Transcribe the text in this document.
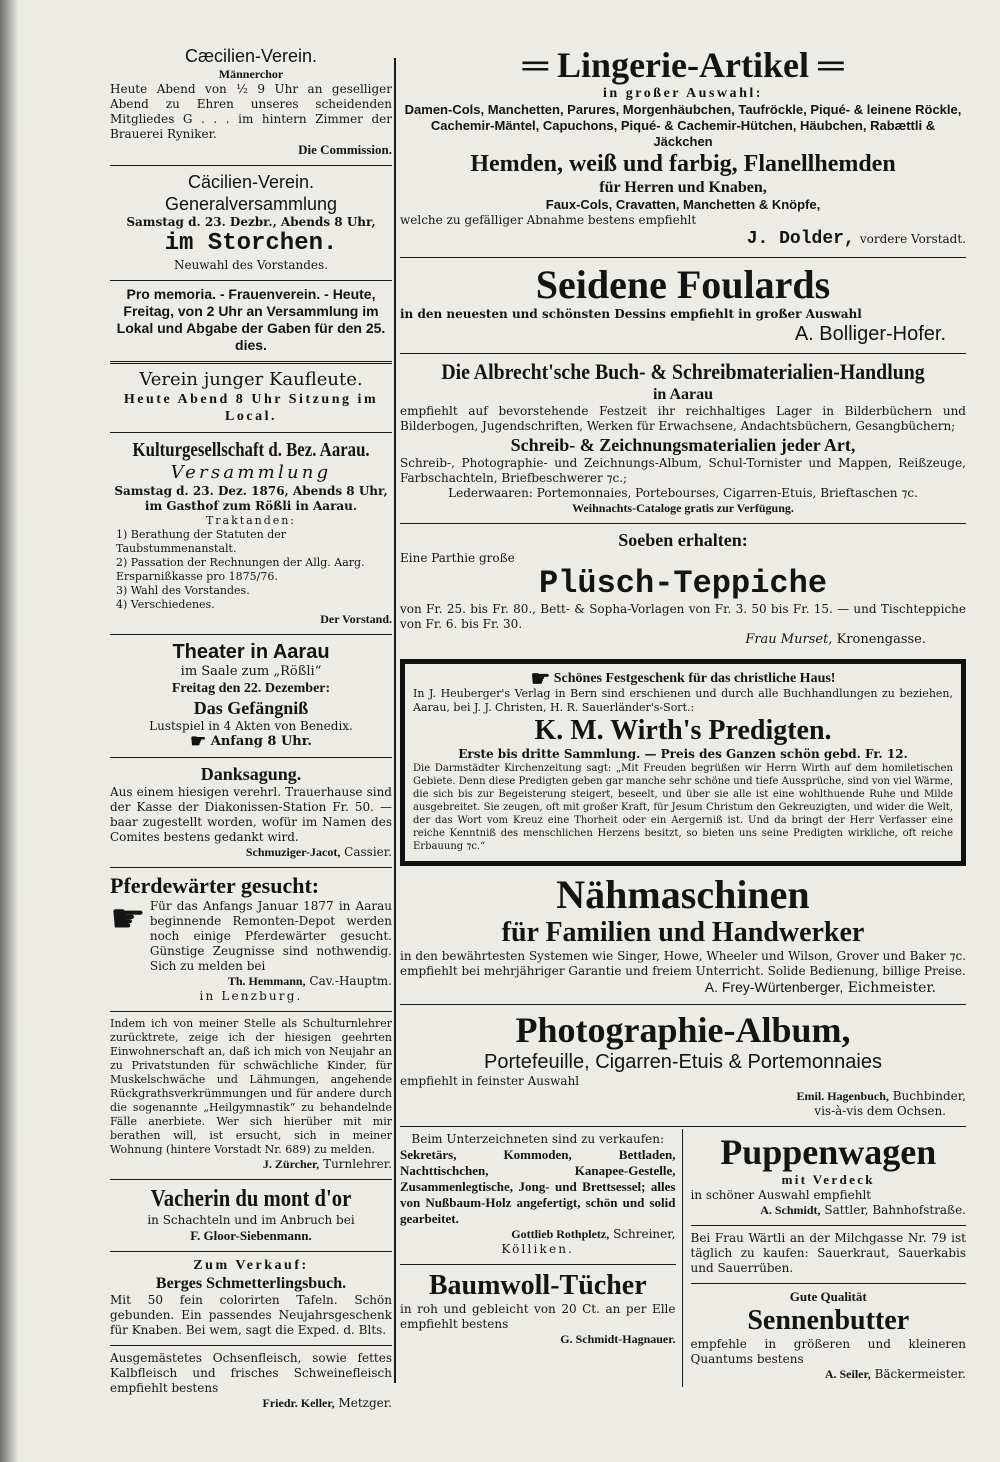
Cæcilien-Verein.
Männerchor
Heute Abend von ½ 9 Uhr an geselliger Abend zu Ehren unseres scheidenden Mitgliedes G . . . im hintern Zimmer der Brauerei Ryniker.
Die Commission.
Cäcilien-Verein.
Generalversammlung
Samstag d. 23. Dezbr., Abends 8 Uhr,
im Storchen.
Neuwahl des Vorstandes.
Pro memoria. - Frauenverein. - Heute, Freitag, von 2 Uhr an Versammlung im Lokal und Abgabe der Gaben für den 25. dies.
Verein junger Kaufleute.
Heute Abend 8 Uhr Sitzung im Local.
Kulturgesellschaft d. Bez. Aarau.
Versammlung
Samstag d. 23. Dez. 1876, Abends 8 Uhr, im Gasthof zum Rößli in Aarau.
Traktanden:
1) Berathung der Statuten der Taubstummenanstalt.
2) Passation der Rechnungen der Allg. Aarg. Ersparnißkasse pro 1875/76.
3) Wahl des Vorstandes.
4) Verschiedenes.
Der Vorstand.
Theater in Aarau
im Saale zum „Rößli“
Freitag den 22. Dezember:
Das Gefängniß
Lustspiel in 4 Akten von Benedix.
☛ Anfang 8 Uhr.
Danksagung.
Aus einem hiesigen verehrl. Trauerhause sind der Kasse der Diakonissen-Station Fr. 50. — baar zugestellt worden, wofür im Namen des Comites bestens gedankt wird.
Schmuziger-Jacot, Cassier.
Pferdewärter gesucht:
☛ Für das Anfangs Januar 1877 in Aarau beginnende Remonten-Depot werden noch einige Pferdewärter gesucht. Günstige Zeugnisse sind nothwendig. Sich zu melden bei
Th. Hemmann, Cav.-Hauptm.
in Lenzburg.
Indem ich von meiner Stelle als Schulturnlehrer zurücktrete, zeige ich der hiesigen geehrten Einwohnerschaft an, daß ich mich von Neujahr an zu Privatstunden für schwächliche Kinder, für Muskelschwäche und Lähmungen, angehende Rückgrathsverkrümmungen und für andere durch die sogenannte „Heilgymnastik“ zu behandelnde Fälle anerbiete. Wer sich hierüber mit mir berathen will, ist ersucht, sich in meiner Wohnung (hintere Vorstadt Nr. 689) zu melden.
J. Zürcher, Turnlehrer.
Vacherin du mont d'or
in Schachteln und im Anbruch bei
F. Gloor-Siebenmann.
Zum Verkauf:
Berges Schmetterlingsbuch.
Mit 50 fein colorirten Tafeln. Schön gebunden. Ein passendes Neujahrsgeschenk für Knaben. Bei wem, sagt die Exped. d. Blts.
Ausgemästetes Ochsenfleisch, sowie fettes Kalbfleisch und frisches Schweinefleisch empfiehlt bestens
Friedr. Keller, Metzger.
═ Lingerie-Artikel ═
in großer Auswahl:
Damen-Cols, Manchetten, Parures, Morgenhäubchen, Taufröckle, Piqué- & leinene Röckle, Cachemir-Mäntel, Capuchons, Piqué- & Cachemir-Hütchen, Häubchen, Rabættli & Jäckchen
Hemden, weiß und farbig, Flanellhemden
für Herren und Knaben,
Faux-Cols, Cravatten, Manchetten & Knöpfe,
welche zu gefälliger Abnahme bestens empfiehlt
J. Dolder, vordere Vorstadt.
Seidene Foulards
in den neuesten und schönsten Dessins empfiehlt in großer Auswahl
A. Bolliger-Hofer.
Die Albrecht'sche Buch- & Schreibmaterialien-Handlung
in Aarau
empfiehlt auf bevorstehende Festzeit ihr reichhaltiges Lager in Bilderbüchern und Bilderbogen, Jugendschriften, Werken für Erwachsene, Andachtsbüchern, Gesangbüchern;
Schreib- & Zeichnungsmaterialien jeder Art,
Schreib-, Photographie- und Zeichnungs-Album, Schul-Tornister und Mappen, Reißzeuge, Farbschachteln, Briefbeschwerer ⁊c.;
Lederwaaren: Portemonnaies, Portebourses, Cigarren-Etuis, Brieftaschen ⁊c.
Weihnachts-Cataloge gratis zur Verfügung.
Soeben erhalten:
Eine Parthie große
Plüsch-Teppiche
von Fr. 25. bis Fr. 80., Bett- & Sopha-Vorlagen von Fr. 3. 50 bis Fr. 15. — und Tischteppiche von Fr. 6. bis Fr. 30.
Frau Murset, Kronengasse.
☛ Schönes Festgeschenk für das christliche Haus!
In J. Heuberger's Verlag in Bern sind erschienen und durch alle Buchhandlungen zu beziehen, Aarau, bei J. J. Christen, H. R. Sauerländer's-Sort.:
K. M. Wirth's Predigten.
Erste bis dritte Sammlung. — Preis des Ganzen schön gebd. Fr. 12.
Die Darmstädter Kirchenzeitung sagt: „Mit Freuden begrüßen wir Herrn Wirth auf dem homiletischen Gebiete. Denn diese Predigten geben gar manche sehr schöne und tiefe Aussprüche, sind von viel Wärme, die sich bis zur Begeisterung steigert, beseelt, und über sie alle ist eine wohlthuende Ruhe und Milde ausgebreitet. Sie zeugen, oft mit großer Kraft, für Jesum Christum den Gekreuzigten, und wider die Welt, der das Wort vom Kreuz eine Thorheit oder ein Aergerniß ist. Und da bringt der Herr Verfasser eine reiche Kenntniß des menschlichen Herzens besitzt, so bieten uns seine Predigten wirkliche, oft reiche Erbauung ⁊c.“
Nähmaschinen
für Familien und Handwerker
in den bewährtesten Systemen wie Singer, Howe, Wheeler und Wilson, Grover und Baker ⁊c. empfiehlt bei mehrjähriger Garantie und freiem Unterricht. Solide Bedienung, billige Preise.
A. Frey-Würtenberger, Eichmeister.
Photographie-Album,
Portefeuille, Cigarren-Etuis & Portemonnaies
empfiehlt in feinster Auswahl
Emil. Hagenbuch, Buchbinder,
vis-à-vis dem Ochsen.
Beim Unterzeichneten sind zu verkaufen:
Sekretärs, Kommoden, Bettladen, Nachttischchen, Kanapee-Gestelle, Zusammenlegtische, Jong- und Brettsessel; alles von Nußbaum-Holz angefertigt, schön und solid gearbeitet.
Gottlieb Rothpletz, Schreiner,
Kölliken.
Baumwoll-Tücher
in roh und gebleicht von 20 Ct. an per Elle empfiehlt bestens
G. Schmidt-Hagnauer.
Puppenwagen
mit Verdeck
in schöner Auswahl empfiehlt
A. Schmidt, Sattler, Bahnhofstraße.
Bei Frau Wärtli an der Milchgasse Nr. 79 ist täglich zu kaufen: Sauerkraut, Sauerkabis und Sauerrüben.
Gute Qualität
Sennenbutter
empfehle in größeren und kleineren Quantums bestens
A. Seiler, Bäckermeister.
